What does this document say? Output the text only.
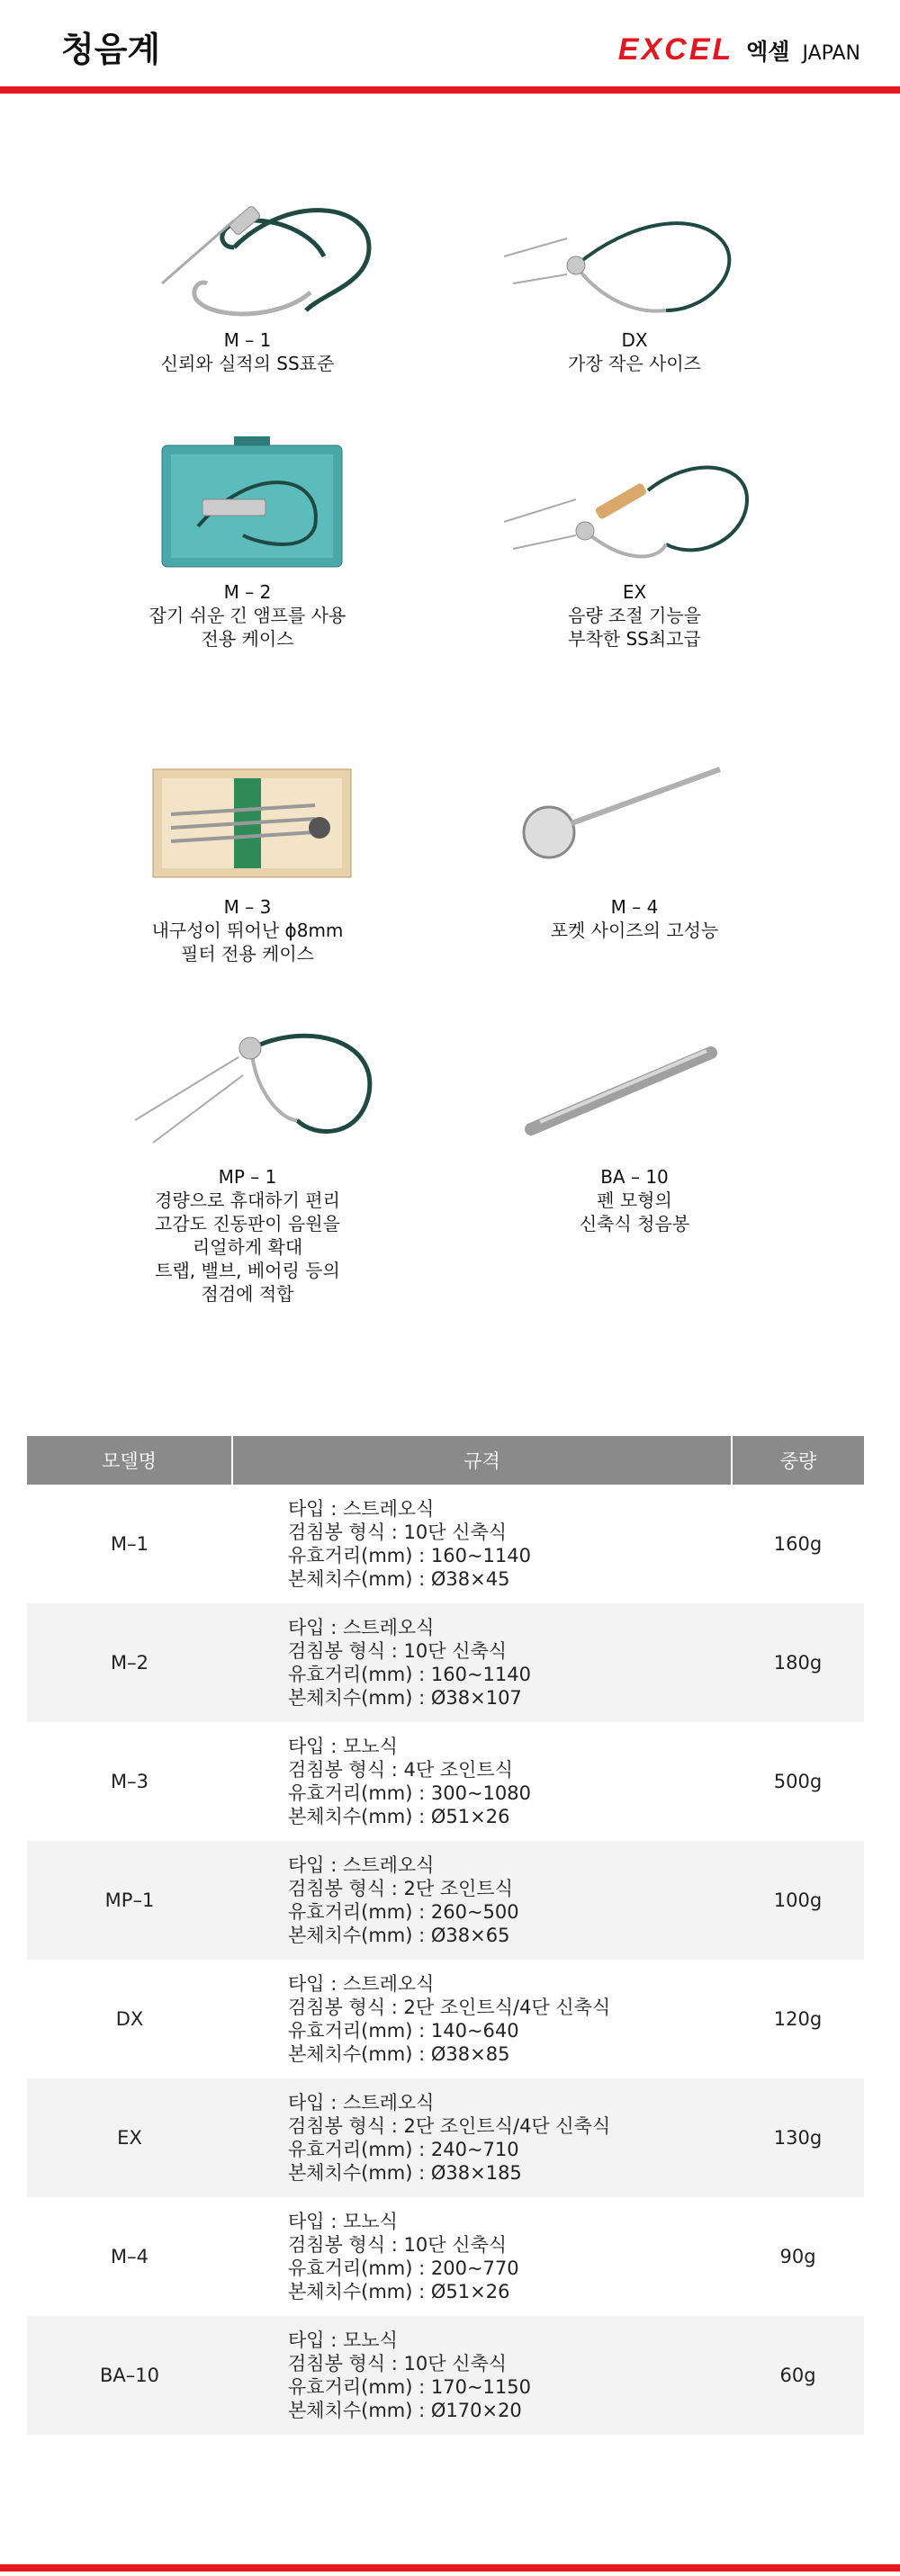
청음계	EXCEL 엑셀 JAPAN
M – 1
신뢰와 실적의 SS표준
DX
가장 작은 사이즈
M – 2
잡기 쉬운 긴 앰프를 사용
전용 케이스
EX
음량 조절 기능을
부착한 SS최고급
M – 3
내구성이 뛰어난 ϕ8mm
필터 전용 케이스
M – 4
포켓 사이즈의 고성능
MP – 1
경량으로 휴대하기 편리
고감도 진동판이 음원을
리얼하게 확대
트랩, 밸브, 베어링 등의
점검에 적합
BA – 10
펜 모형의
신축식 청음봉
모델명	규격	중량
M–1	타입 : 스트레오식
검침봉 형식 : 10단 신축식
유효거리(mm) : 160~1140
본체치수(mm) : Ø38×45	160g
M–2	타입 : 스트레오식
검침봉 형식 : 10단 신축식
유효거리(mm) : 160~1140
본체치수(mm) : Ø38×107	180g
M–3	타입 : 모노식
검침봉 형식 : 4단 조인트식
유효거리(mm) : 300~1080
본체치수(mm) : Ø51×26	500g
MP–1	타입 : 스트레오식
검침봉 형식 : 2단 조인트식
유효거리(mm) : 260~500
본체치수(mm) : Ø38×65	100g
DX	타입 : 스트레오식
검침봉 형식 : 2단 조인트식/4단 신축식
유효거리(mm) : 140~640
본체치수(mm) : Ø38×85	120g
EX	타입 : 스트레오식
검침봉 형식 : 2단 조인트식/4단 신축식
유효거리(mm) : 240~710
본체치수(mm) : Ø38×185	130g
M–4	타입 : 모노식
검침봉 형식 : 10단 신축식
유효거리(mm) : 200~770
본체치수(mm) : Ø51×26	90g
BA–10	타입 : 모노식
검침봉 형식 : 10단 신축식
유효거리(mm) : 170~1150
본체치수(mm) : Ø170×20	60g
